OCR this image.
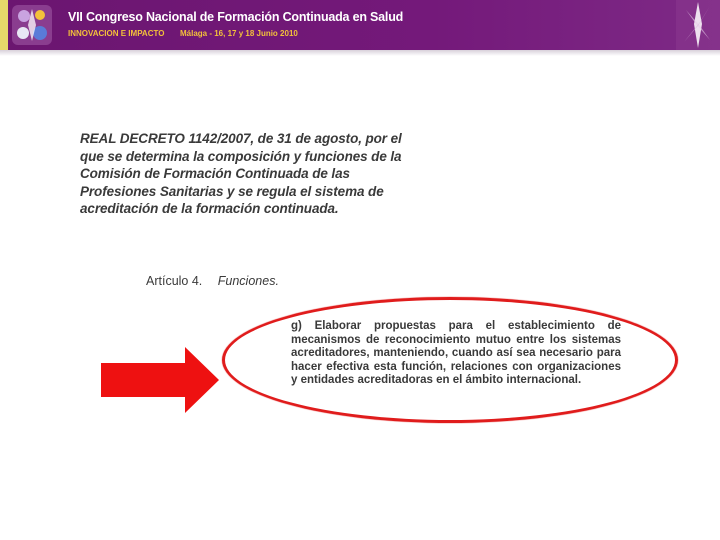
VII Congreso Nacional de Formación Continuada en Salud
INNOVACION E IMPACTO Málaga - 16, 17 y 18 Junio 2010
REAL DECRETO 1142/2007, de 31 de agosto, por el que se determina la composición y funciones de la Comisión de Formación Continuada de las Profesiones Sanitarias y se regula el sistema de acreditación de la formación continuada.
Artículo 4. Funciones.
g) Elaborar propuestas para el establecimiento de mecanismos de reconocimiento mutuo entre los sistemas acreditadores, manteniendo, cuando así sea necesario para hacer efectiva esta función, relaciones con organizaciones y entidades acreditadoras en el ámbito internacional.
